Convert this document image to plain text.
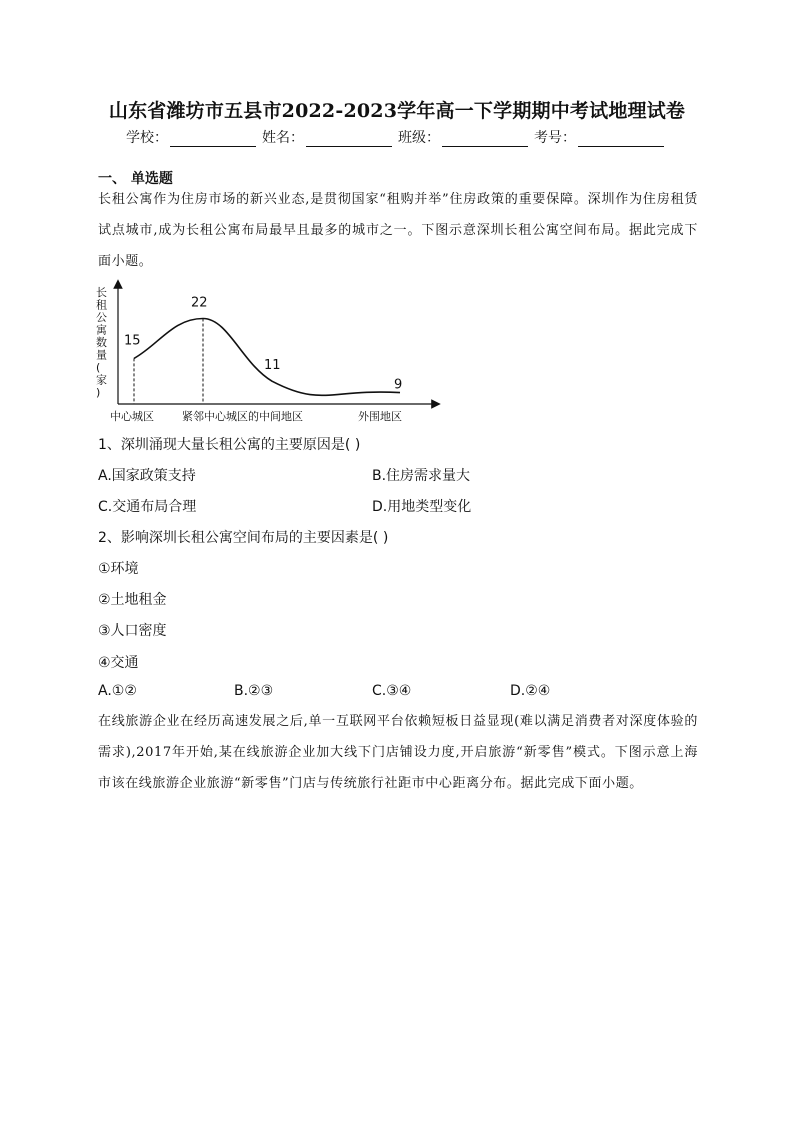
山东省潍坊市五县市2022-2023学年高一下学期期中考试地理试卷
学校：	姓名：	班级：	考号：
一、 单选题
长租公寓作为住房市场的新兴业态,是贯彻国家“租购并举”住房政策的重要保障。深圳作为住房租赁试点城市,成为长租公寓布局最早且最多的城市之一。下图示意深圳长租公寓空间布局。据此完成下面小题。
长
租
公
寓
数
量
(
家
)
15
22
11
9
中心城区	紧邻中心城区的中间地区	外围地区
1、深圳涌现大量长租公寓的主要原因是( )
A.国家政策支持	B.住房需求量大
C.交通布局合理	D.用地类型变化
2、影响深圳长租公寓空间布局的主要因素是( )
①环境
②土地租金
③人口密度
④交通
A.①②	B.②③	C.③④	D.②④
在线旅游企业在经历高速发展之后,单一互联网平台依赖短板日益显现(难以满足消费者对深度体验的需求),2017年开始,某在线旅游企业加大线下门店铺设力度,开启旅游“新零售”模式。下图示意上海市该在线旅游企业旅游“新零售”门店与传统旅行社距市中心距离分布。据此完成下面小题。
